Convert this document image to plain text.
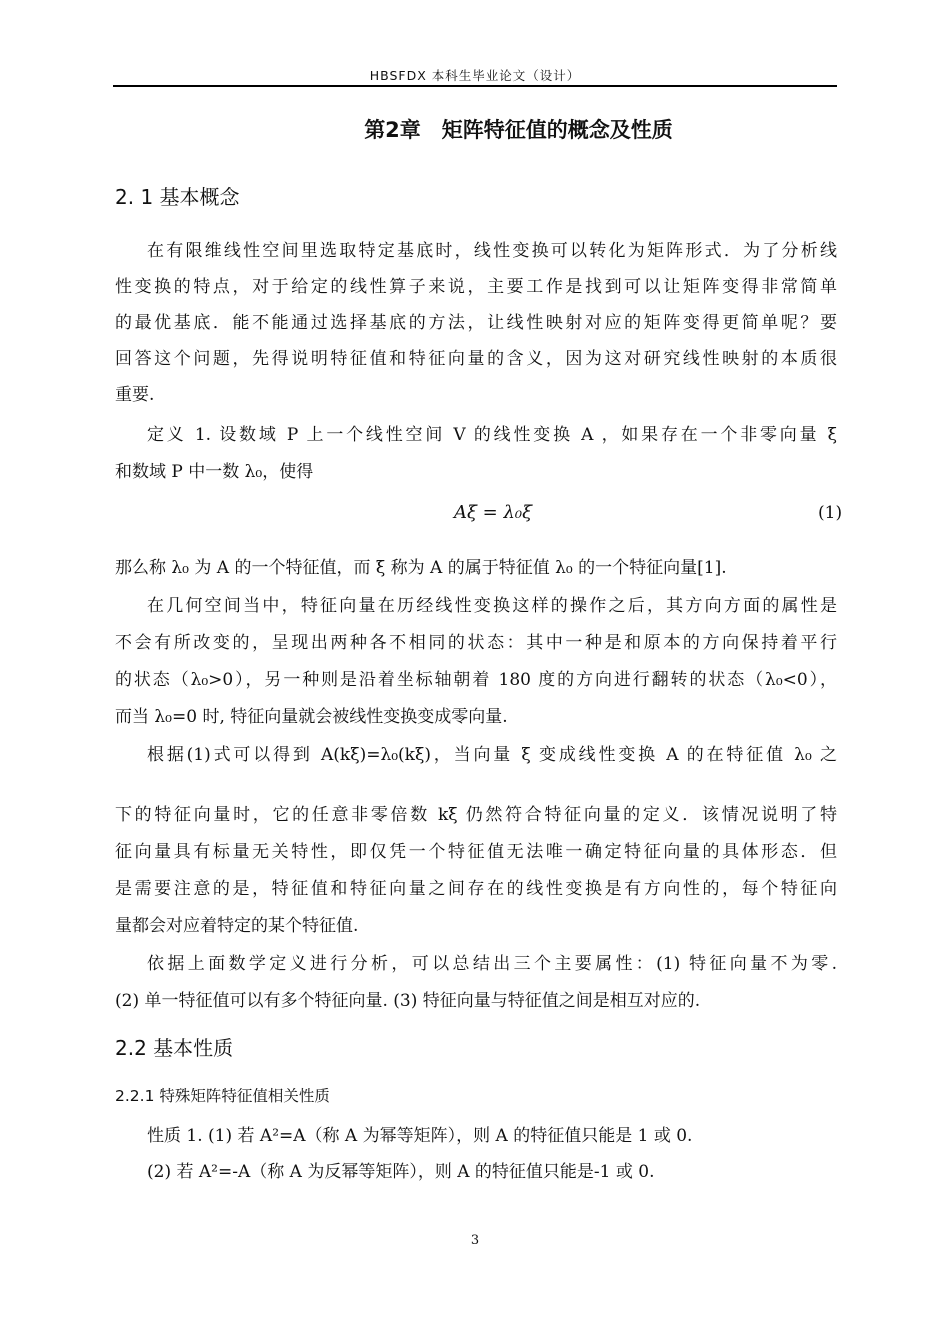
HBSFDX 本科生毕业论文（设计）
第2章　矩阵特征值的概念及性质
2. 1 基本概念
在有限维线性空间里选取特定基底时，线性变换可以转化为矩阵形式．为了分析线
性变换的特点，对于给定的线性算子来说，主要工作是找到可以让矩阵变得非常简单
的最优基底．能不能通过选择基底的方法，让线性映射对应的矩阵变得更简单呢？要
回答这个问题，先得说明特征值和特征向量的含义，因为这对研究线性映射的本质很
重要.
定义 1. 设数域 P 上一个线性空间 V 的线性变换 A ，如果存在一个非零向量 ξ
和数域 P 中一数 λ₀，使得
Aξ = λ₀ξ	(1)
那么称 λ₀ 为 A 的一个特征值，而 ξ 称为 A 的属于特征值 λ₀ 的一个特征向量[1].
在几何空间当中，特征向量在历经线性变换这样的操作之后，其方向方面的属性是
不会有所改变的，呈现出两种各不相同的状态：其中一种是和原本的方向保持着平行
的状态（λ₀>0），另一种则是沿着坐标轴朝着 180 度的方向进行翻转的状态（λ₀<0），
而当 λ₀=0 时, 特征向量就会被线性变换变成零向量.
根据(1)式可以得到 A(kξ)=λ₀(kξ)，当向量 ξ 变成线性变换 A 的在特征值 λ₀ 之
下的特征向量时，它的任意非零倍数 kξ 仍然符合特征向量的定义．该情况说明了特
征向量具有标量无关特性，即仅凭一个特征值无法唯一确定特征向量的具体形态．但
是需要注意的是，特征值和特征向量之间存在的线性变换是有方向性的，每个特征向
量都会对应着特定的某个特征值.
依据上面数学定义进行分析，可以总结出三个主要属性：(1) 特征向量不为零.
(2) 单一特征值可以有多个特征向量. (3) 特征向量与特征值之间是相互对应的.
2.2 基本性质
2.2.1 特殊矩阵特征值相关性质
性质 1. (1) 若 A²=A（称 A 为幂等矩阵），则 A 的特征值只能是 1 或 0.
(2) 若 A²=-A（称 A 为反幂等矩阵），则 A 的特征值只能是-1 或 0.
3
